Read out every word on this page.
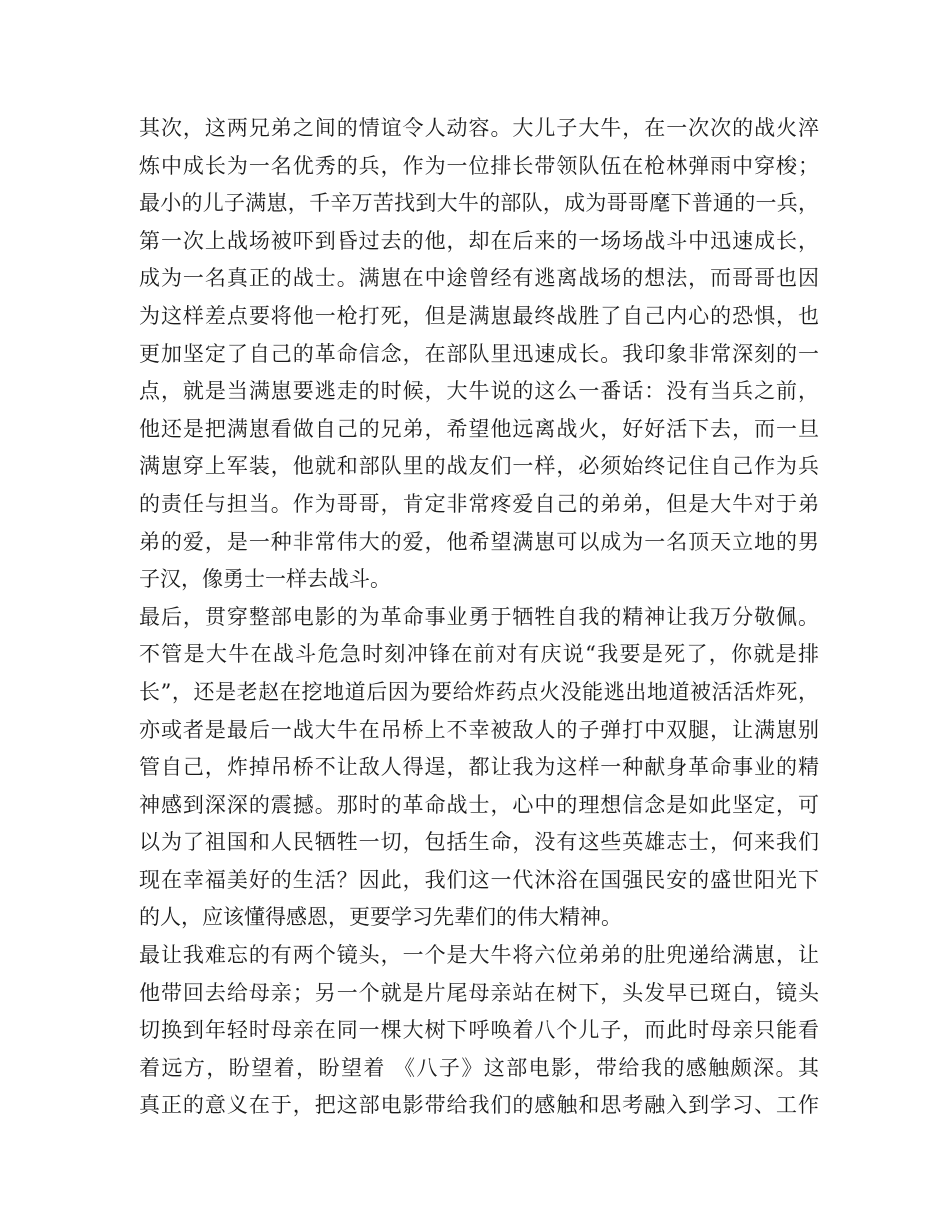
其次，这两兄弟之间的情谊令人动容。大儿子大牛，在一次次的战火淬
炼中成长为一名优秀的兵，作为一位排长带领队伍在枪林弹雨中穿梭；
最小的儿子满崽，千辛万苦找到大牛的部队，成为哥哥麾下普通的一兵，
第一次上战场被吓到昏过去的他，却在后来的一场场战斗中迅速成长，
成为一名真正的战士。满崽在中途曾经有逃离战场的想法，而哥哥也因
为这样差点要将他一枪打死，但是满崽最终战胜了自己内心的恐惧，也
更加坚定了自己的革命信念，在部队里迅速成长。我印象非常深刻的一
点，就是当满崽要逃走的时候，大牛说的这么一番话：没有当兵之前，
他还是把满崽看做自己的兄弟，希望他远离战火，好好活下去，而一旦
满崽穿上军装，他就和部队里的战友们一样，必须始终记住自己作为兵
的责任与担当。作为哥哥，肯定非常疼爱自己的弟弟，但是大牛对于弟
弟的爱，是一种非常伟大的爱，他希望满崽可以成为一名顶天立地的男
子汉，像勇士一样去战斗。
最后，贯穿整部电影的为革命事业勇于牺牲自我的精神让我万分敬佩。
不管是大牛在战斗危急时刻冲锋在前对有庆说“我要是死了，你就是排
长”，还是老赵在挖地道后因为要给炸药点火没能逃出地道被活活炸死，
亦或者是最后一战大牛在吊桥上不幸被敌人的子弹打中双腿，让满崽别
管自己，炸掉吊桥不让敌人得逞，都让我为这样一种献身革命事业的精
神感到深深的震撼。那时的革命战士，心中的理想信念是如此坚定，可
以为了祖国和人民牺牲一切，包括生命，没有这些英雄志士，何来我们
现在幸福美好的生活？因此，我们这一代沐浴在国强民安的盛世阳光下
的人，应该懂得感恩，更要学习先辈们的伟大精神。
最让我难忘的有两个镜头，一个是大牛将六位弟弟的肚兜递给满崽，让
他带回去给母亲；另一个就是片尾母亲站在树下，头发早已斑白，镜头
切换到年轻时母亲在同一棵大树下呼唤着八个儿子，而此时母亲只能看
着远方，盼望着，盼望着 《八子》这部电影，带给我的感触颇深。其
真正的意义在于，把这部电影带给我们的感触和思考融入到学习、工作
